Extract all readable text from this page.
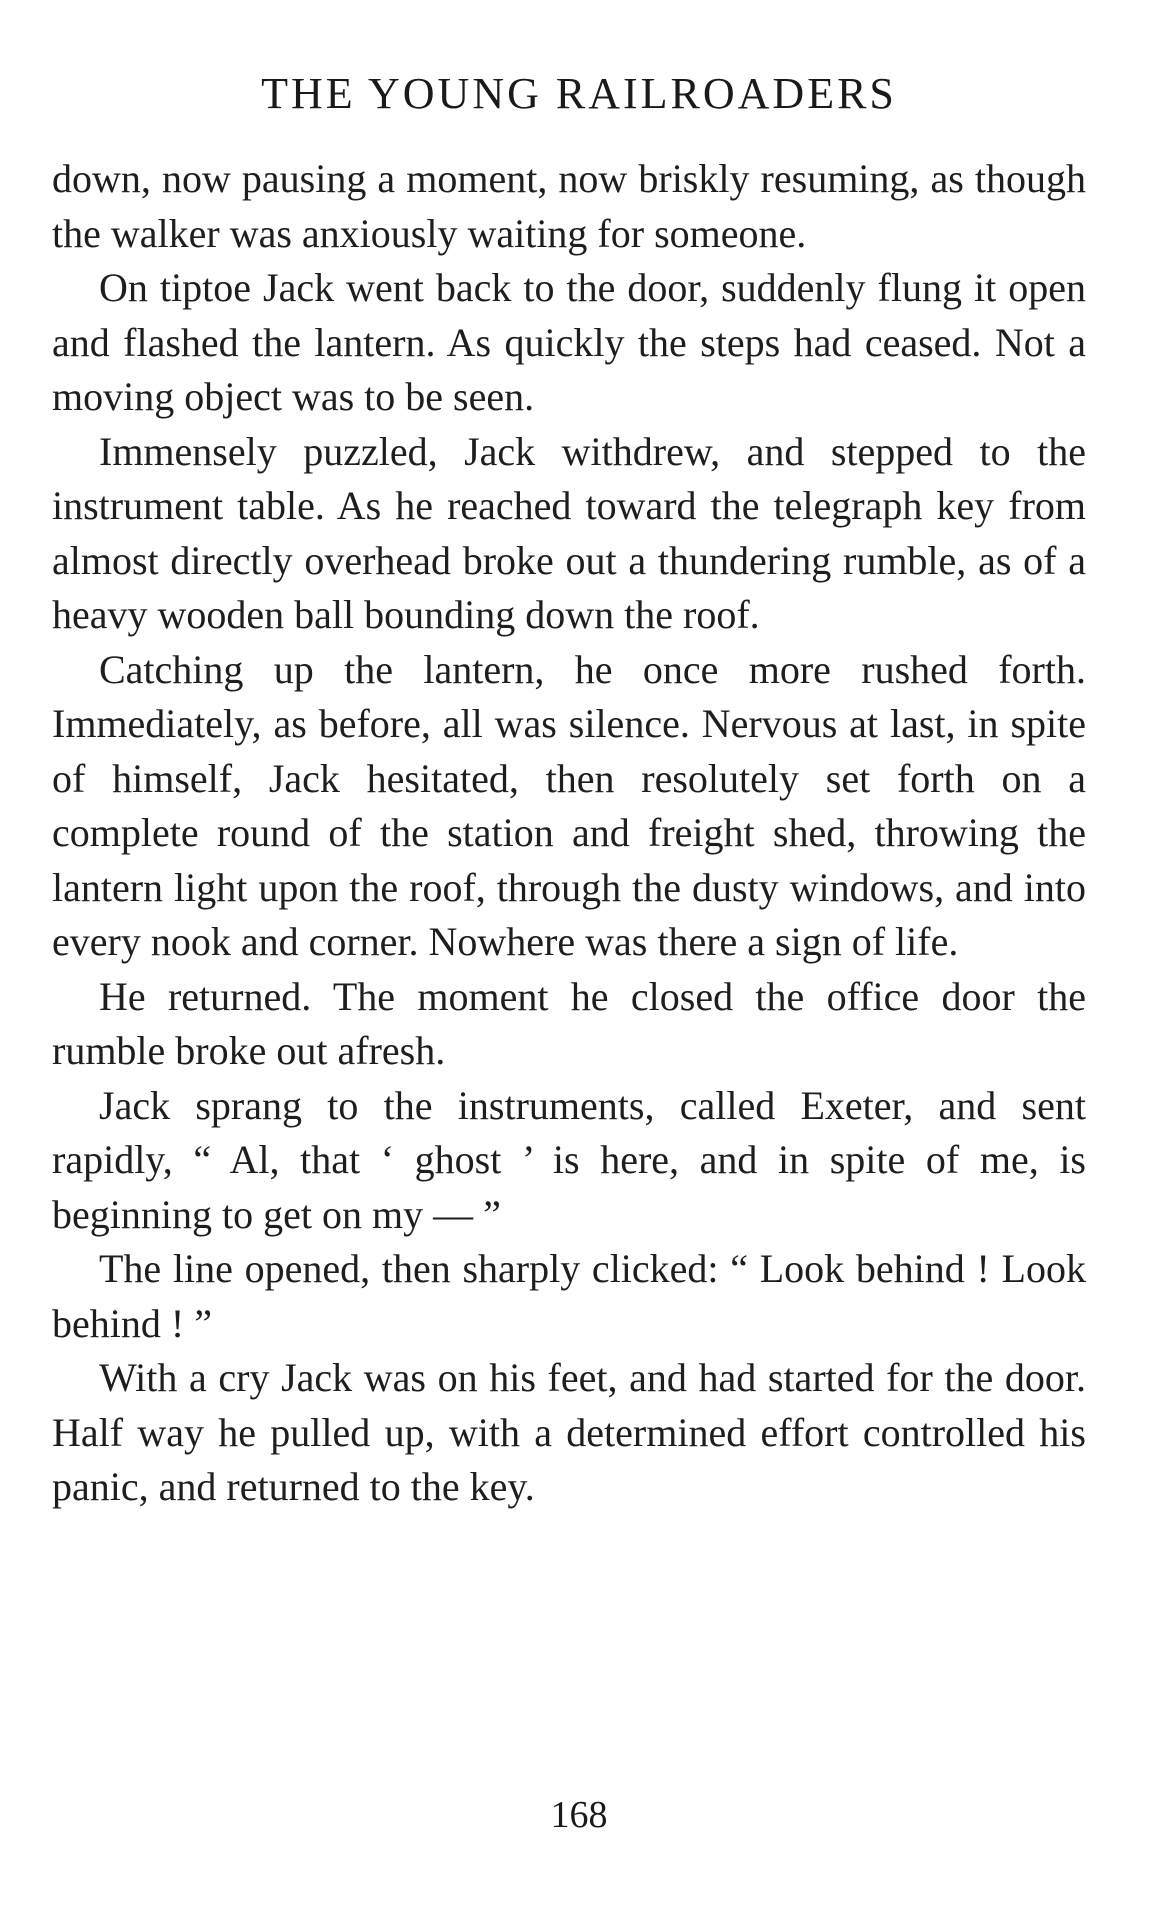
THE YOUNG RAILROADERS

down, now pausing a moment, now briskly resuming, as though the walker was anxiously waiting for someone.

On tiptoe Jack went back to the door, suddenly flung it open and flashed the lantern. As quickly the steps had ceased. Not a moving object was to be seen.

Immensely puzzled, Jack withdrew, and stepped to the instrument table. As he reached toward the telegraph key from almost directly overhead broke out a thundering rumble, as of a heavy wooden ball bounding down the roof.

Catching up the lantern, he once more rushed forth. Immediately, as before, all was silence. Nervous at last, in spite of himself, Jack hesitated, then resolutely set forth on a complete round of the station and freight shed, throwing the lantern light upon the roof, through the dusty windows, and into every nook and corner. Nowhere was there a sign of life.

He returned. The moment he closed the office door the rumble broke out afresh.

Jack sprang to the instruments, called Exeter, and sent rapidly, “ Al, that ‘ ghost ’ is here, and in spite of me, is beginning to get on my — ”

The line opened, then sharply clicked: “ Look behind ! Look behind ! ”

With a cry Jack was on his feet, and had started for the door. Half way he pulled up, with a determined effort controlled his panic, and returned to the key.

168
